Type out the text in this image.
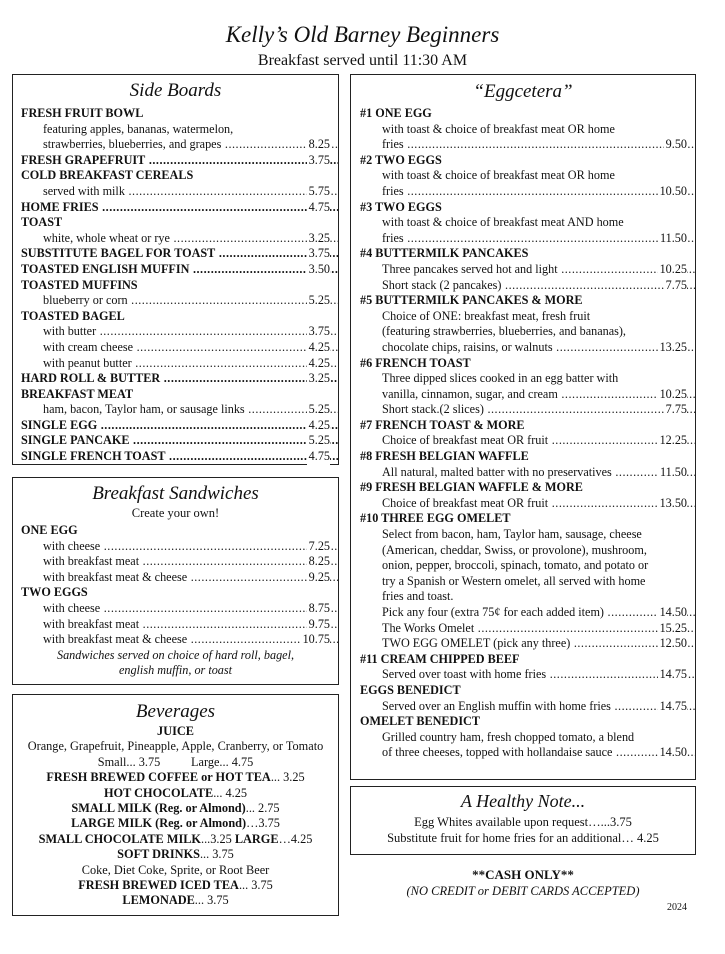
Kelly’s Old Barney Beginners
Breakfast served until 11:30 AM
Side Boards
FRESH FRUIT BOWL
featuring apples, bananas, watermelon,
strawberries, blueberries, and grapes .....	8.25
FRESH GRAPEFRUIT .....	3.75
COLD BREAKFAST CEREALS
served with milk .....	5.75
HOME FRIES .....	4.75
TOAST
white, whole wheat or rye .....	3.25
SUBSTITUTE BAGEL FOR TOAST .....	3.75
TOASTED ENGLISH MUFFIN .....	3.50
TOASTED MUFFINS
blueberry or corn .....	5.25
TOASTED BAGEL
with butter .....	3.75
with cream cheese .....	4.25
with peanut butter .....	4.25
HARD ROLL & BUTTER .....	3.25
BREAKFAST MEAT
ham, bacon, Taylor ham, or sausage links .....	5.25
SINGLE EGG .....	4.25
SINGLE PANCAKE .....	5.25
SINGLE FRENCH TOAST .....	4.75
Breakfast Sandwiches
Create your own!
ONE EGG
with cheese .....	7.25
with breakfast meat .....	8.25
with breakfast meat & cheese .....	9.25
TWO EGGS
with cheese .....	8.75
with breakfast meat .....	9.75
with breakfast meat & cheese .....	10.75
Sandwiches served on choice of hard roll, bagel,
english muffin, or toast
Beverages
JUICE
Orange, Grapefruit, Pineapple, Apple, Cranberry, or Tomato
Small... 3.75          Large... 4.75
FRESH BREWED COFFEE or HOT TEA... 3.25
HOT CHOCOLATE... 4.25
SMALL MILK (Reg. or Almond)... 2.75
LARGE MILK (Reg. or Almond)…3.75
SMALL CHOCOLATE MILK...3.25 LARGE…4.25
SOFT DRINKS... 3.75
Coke, Diet Coke, Sprite, or Root Beer
FRESH BREWED ICED TEA... 3.75
LEMONADE... 3.75
“Eggcetera”
#1 ONE EGG
with toast & choice of breakfast meat OR home
fries .....	9.50
#2 TWO EGGS
with toast & choice of breakfast meat OR home
fries .....	10.50
#3 TWO EGGS
with toast & choice of breakfast meat AND home
fries .....	11.50
#4 BUTTERMILK PANCAKES
Three pancakes served hot and light .....	10.25
Short stack (2 pancakes) .....	7.75
#5 BUTTERMILK PANCAKES & MORE
Choice of ONE: breakfast meat, fresh fruit
(featuring strawberries, blueberries, and bananas),
chocolate chips, raisins, or walnuts .....	13.25
#6 FRENCH TOAST
Three dipped slices cooked in an egg batter with
vanilla, cinnamon, sugar, and cream .....	10.25
Short stack.(2 slices) .....	7.75
#7 FRENCH TOAST & MORE
Choice of breakfast meat OR fruit .....	12.25
#8 FRESH BELGIAN WAFFLE
All natural, malted batter with no preservatives .....	11.50
#9 FRESH BELGIAN WAFFLE & MORE
Choice of breakfast meat OR fruit .....	13.50
#10 THREE EGG OMELET
Select from bacon, ham, Taylor ham, sausage, cheese
(American, cheddar, Swiss, or provolone), mushroom,
onion, pepper, broccoli, spinach, tomato, and potato or
try a Spanish or Western omelet, all served with home
fries and toast.
Pick any four (extra 75¢ for each added item) .....	14.50
The Works Omelet .....	15.25
TWO EGG OMELET (pick any three) .....	12.50
#11 CREAM CHIPPED BEEF
Served over toast with home fries .....	14.75
EGGS BENEDICT
Served over an English muffin with home fries .....	14.75
OMELET BENEDICT
Grilled country ham, fresh chopped tomato, a blend
of three cheeses, topped with hollandaise sauce .....	14.50
A Healthy Note...
Egg Whites available upon request…...3.75
Substitute fruit for home fries for an additional… 4.25
**CASH ONLY**
(NO CREDIT or DEBIT CARDS ACCEPTED)
2024
